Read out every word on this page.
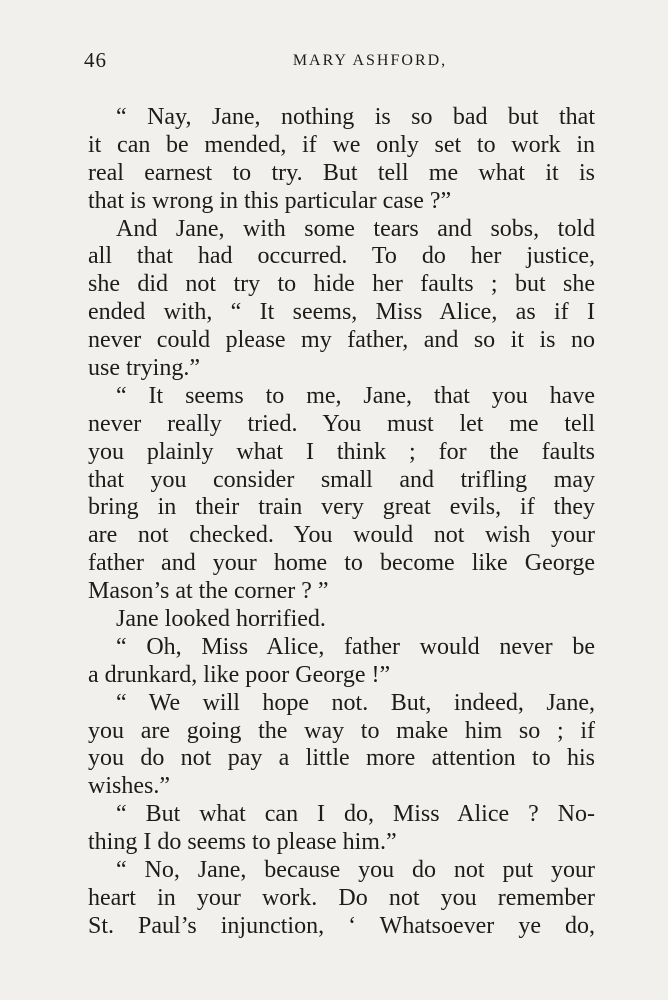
46	MARY ASHFORD,
“ Nay, Jane, nothing is so bad but that
it can be mended, if we only set to work in
real earnest to try. But tell me what it is
that is wrong in this particular case ?”
And Jane, with some tears and sobs, told
all that had occurred. To do her justice,
she did not try to hide her faults ; but she
ended with, “ It seems, Miss Alice, as if I
never could please my father, and so it is no
use trying.”
“ It seems to me, Jane, that you have
never really tried. You must let me tell
you plainly what I think ; for the faults
that you consider small and trifling may
bring in their train very great evils, if they
are not checked. You would not wish your
father and your home to become like George
Mason’s at the corner ? ”
Jane looked horrified.
“ Oh, Miss Alice, father would never be
a drunkard, like poor George !”
“ We will hope not. But, indeed, Jane,
you are going the way to make him so ; if
you do not pay a little more attention to his
wishes.”
“ But what can I do, Miss Alice ? No-
thing I do seems to please him.”
“ No, Jane, because you do not put your
heart in your work. Do not you remember
St. Paul’s injunction, ‘ Whatsoever ye do,
